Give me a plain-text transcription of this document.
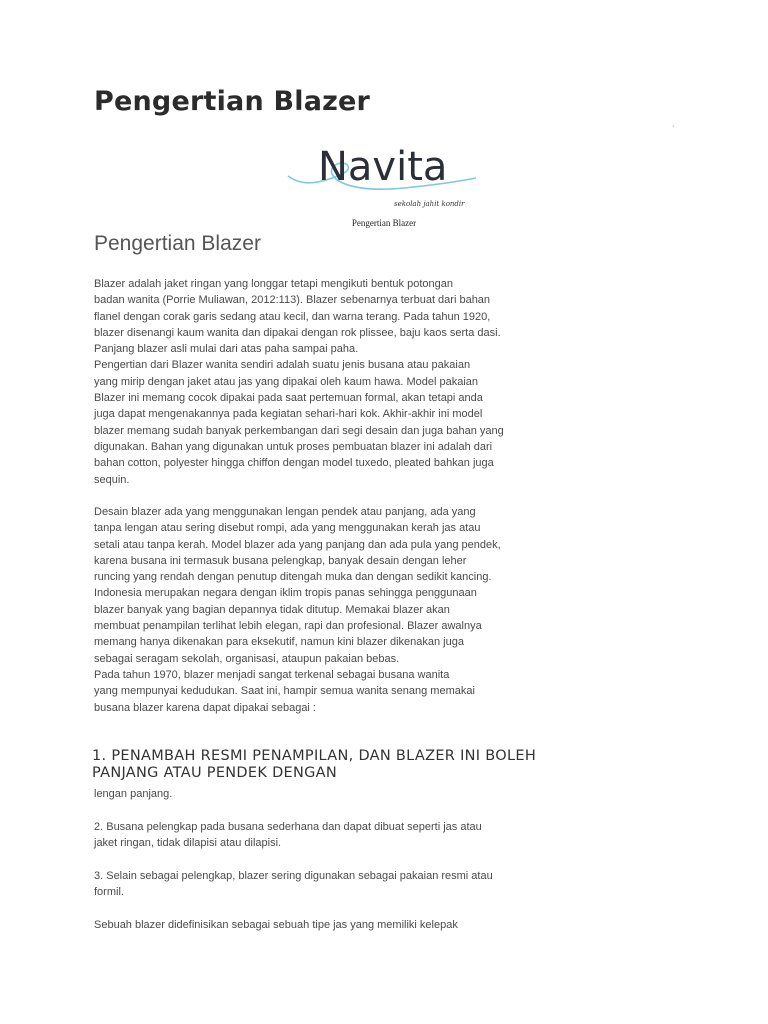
Pengertian Blazer
·
Navita
sekolah jahit kondir
Pengertian Blazer
Pengertian Blazer
Blazer adalah jaket ringan yang longgar tetapi mengikuti bentuk potongan
badan wanita (Porrie Muliawan, 2012:113). Blazer sebenarnya terbuat dari bahan
flanel dengan corak garis sedang atau kecil, dan warna terang. Pada tahun 1920,
blazer disenangi kaum wanita dan dipakai dengan rok plissee, baju kaos serta dasi.
Panjang blazer asli mulai dari atas paha sampai paha.
Pengertian dari Blazer wanita sendiri adalah suatu jenis busana atau pakaian
yang mirip dengan jaket atau jas yang dipakai oleh kaum hawa. Model pakaian
Blazer ini memang cocok dipakai pada saat pertemuan formal, akan tetapi anda
juga dapat mengenakannya pada kegiatan sehari-hari kok. Akhir-akhir ini model
blazer memang sudah banyak perkembangan dari segi desain dan juga bahan yang
digunakan. Bahan yang digunakan untuk proses pembuatan blazer ini adalah dari
bahan cotton, polyester hingga chiffon dengan model tuxedo, pleated bahkan juga
sequin.
Desain blazer ada yang menggunakan lengan pendek atau panjang, ada yang
tanpa lengan atau sering disebut rompi, ada yang menggunakan kerah jas atau
setali atau tanpa kerah. Model blazer ada yang panjang dan ada pula yang pendek,
karena busana ini termasuk busana pelengkap, banyak desain dengan leher
runcing yang rendah dengan penutup ditengah muka dan dengan sedikit kancing.
Indonesia merupakan negara dengan iklim tropis panas sehingga penggunaan
blazer banyak yang bagian depannya tidak ditutup. Memakai blazer akan
membuat penampilan terlihat lebih elegan, rapi dan profesional. Blazer awalnya
memang hanya dikenakan para eksekutif, namun kini blazer dikenakan juga
sebagai seragam sekolah, organisasi, ataupun pakaian bebas.
Pada tahun 1970, blazer menjadi sangat terkenal sebagai busana wanita
yang mempunyai kedudukan. Saat ini, hampir semua wanita senang memakai
busana blazer karena dapat dipakai sebagai :
1. PENAMBAH RESMI PENAMPILAN, DAN BLAZER INI BOLEH
PANJANG ATAU PENDEK DENGAN
lengan panjang.
2. Busana pelengkap pada busana sederhana dan dapat dibuat seperti jas atau
jaket ringan, tidak dilapisi atau dilapisi.
3. Selain sebagai pelengkap, blazer sering digunakan sebagai pakaian resmi atau
formil.
Sebuah blazer didefinisikan sebagai sebuah tipe jas yang memiliki kelepak
